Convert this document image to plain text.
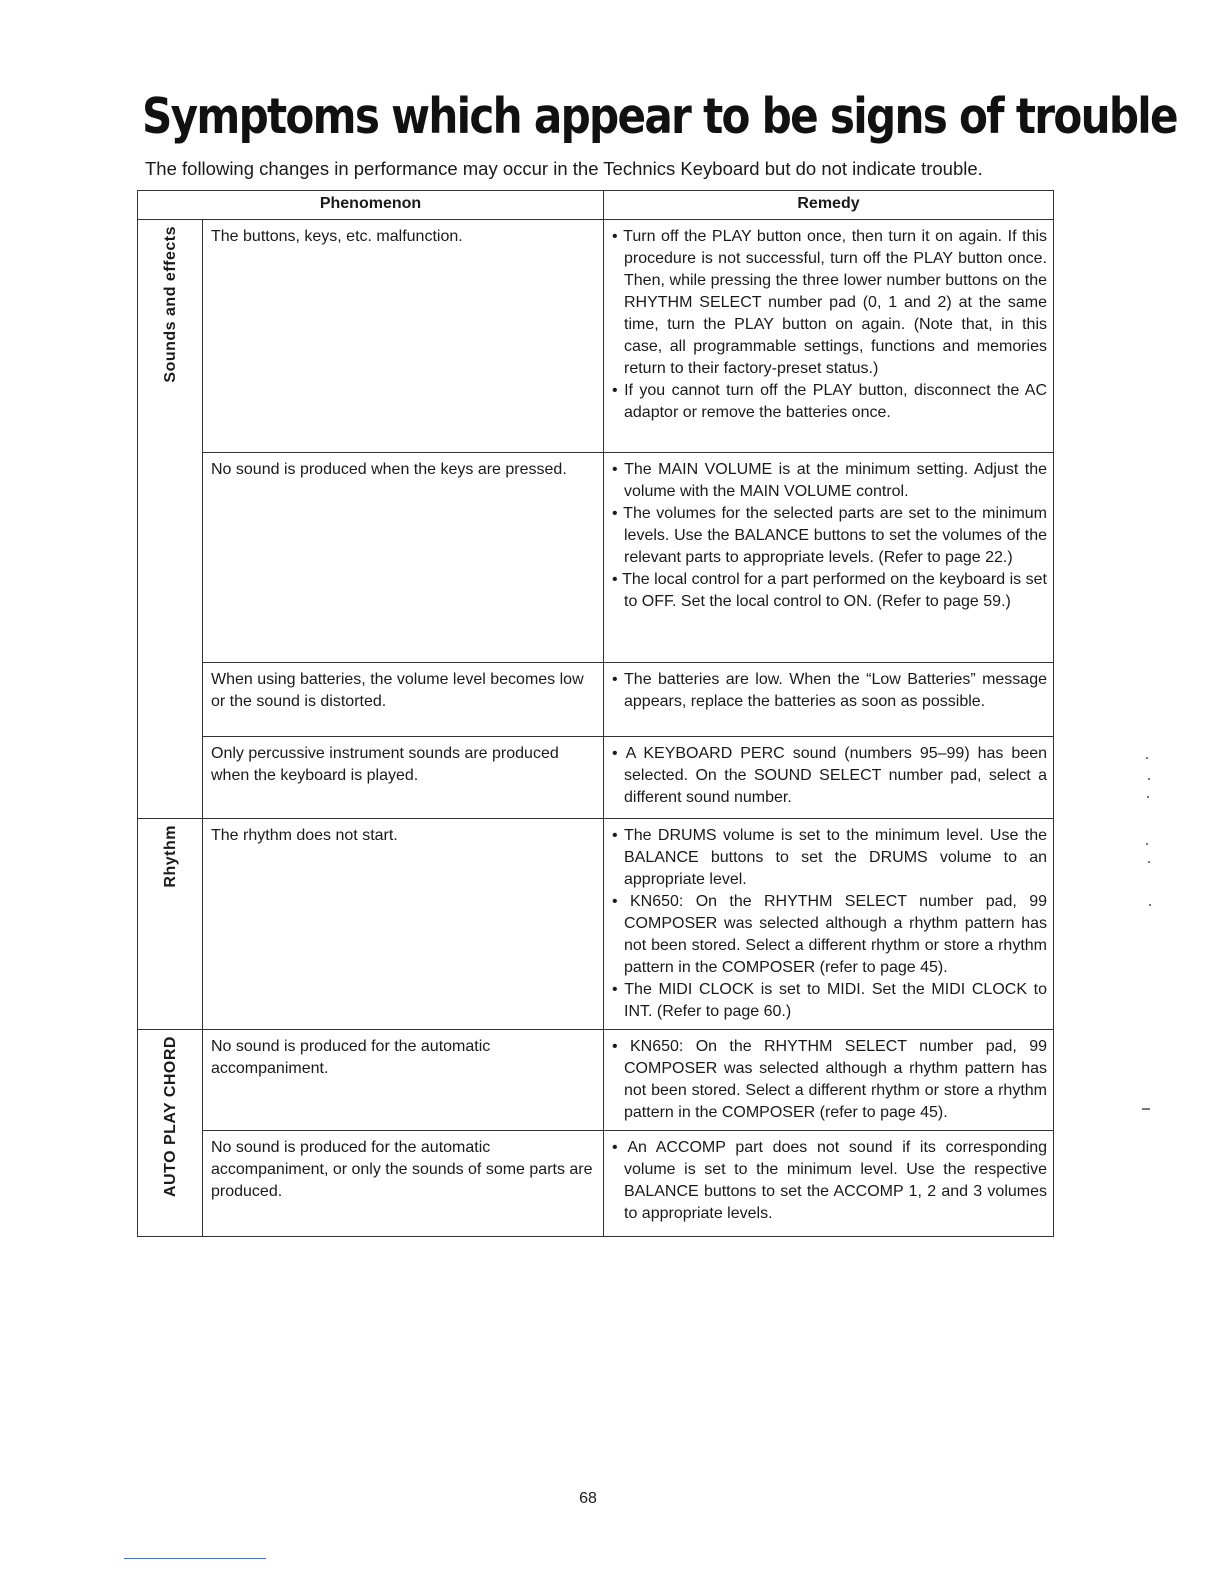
Symptoms which appear to be signs of trouble

The following changes in performance may occur in the Technics Keyboard but do not indicate trouble.

Phenomenon		Remedy
Sounds and effects	The buttons, keys, etc. malfunction.	• Turn off the PLAY button once, then turn it on again. If this procedure is not successful, turn off the PLAY button once. Then, while pressing the three lower number buttons on the RHYTHM SELECT number pad (0, 1 and 2) at the same time, turn the PLAY button on again. (Note that, in this case, all programmable settings, functions and memories return to their factory-preset status.)
• If you cannot turn off the PLAY button, disconnect the AC adaptor or remove the batteries once.

	No sound is produced when the keys are pressed.	• The MAIN VOLUME is at the minimum setting. Adjust the volume with the MAIN VOLUME control.
• The volumes for the selected parts are set to the minimum levels. Use the BALANCE buttons to set the volumes of the relevant parts to appropriate levels. (Refer to page 22.)
• The local control for a part performed on the keyboard is set to OFF. Set the local control to ON. (Refer to page 59.)

	When using batteries, the volume level becomes low or the sound is distorted.	• The batteries are low. When the “Low Batteries” message appears, replace the batteries as soon as possible.

	Only percussive instrument sounds are produced when the keyboard is played.	• A KEYBOARD PERC sound (numbers 95–99) has been selected. On the SOUND SELECT number pad, select a different sound number.

Rhythm	The rhythm does not start.	• The DRUMS volume is set to the minimum level. Use the BALANCE buttons to set the DRUMS volume to an appropriate level.
• KN650: On the RHYTHM SELECT number pad, 99 COMPOSER was selected although a rhythm pattern has not been stored. Select a different rhythm or store a rhythm pattern in the COMPOSER (refer to page 45).
• The MIDI CLOCK is set to MIDI. Set the MIDI CLOCK to INT. (Refer to page 60.)

AUTO PLAY CHORD	No sound is produced for the automatic accompaniment.	• KN650: On the RHYTHM SELECT number pad, 99 COMPOSER was selected although a rhythm pattern has not been stored. Select a different rhythm or store a rhythm pattern in the COMPOSER (refer to page 45).

	No sound is produced for the automatic accompaniment, or only the sounds of some parts are produced.	• An ACCOMP part does not sound if its corresponding volume is set to the minimum level. Use the respective BALANCE buttons to set the ACCOMP 1, 2 and 3 volumes to appropriate levels.
68
